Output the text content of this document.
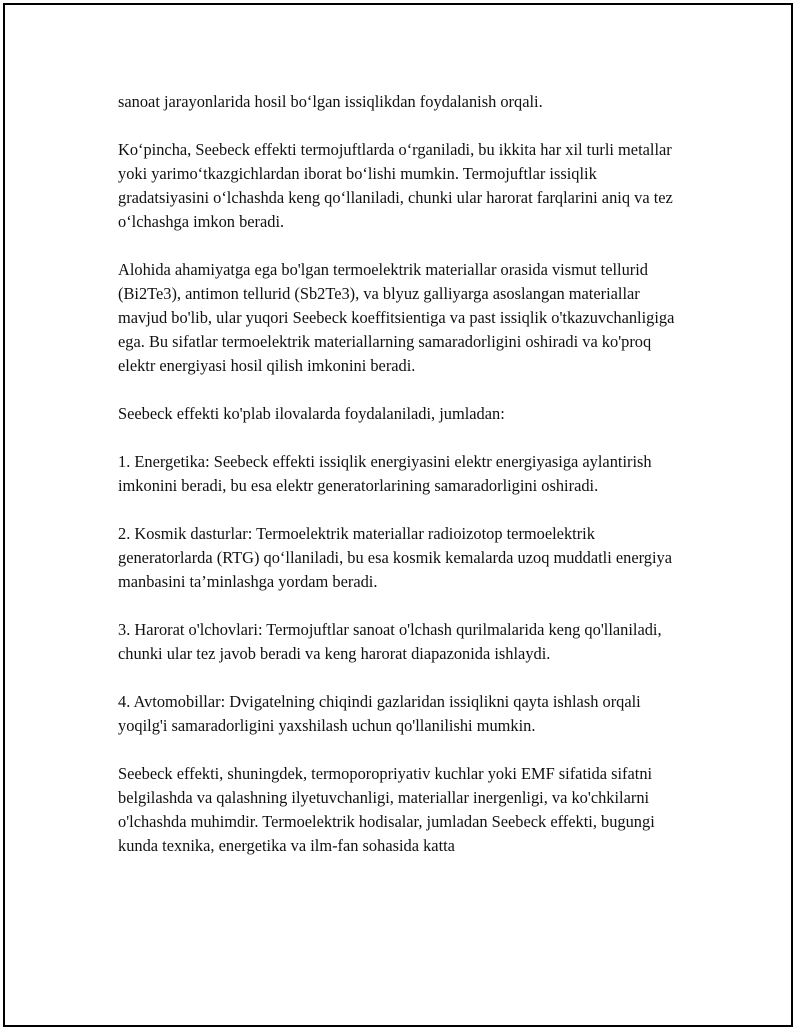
sanoat jarayonlarida hosil bo‘lgan issiqlikdan foydalanish orqali.

Ko‘pincha, Seebeck effekti termojuftlarda o‘rganiladi, bu ikkita har xil turli metallar yoki yarimo‘tkazgichlardan iborat bo‘lishi mumkin. Termojuftlar issiqlik gradatsiyasini o‘lchashda keng qo‘llaniladi, chunki ular harorat farqlarini aniq va tez o‘lchashga imkon beradi.

Alohida ahamiyatga ega bo'lgan termoelektrik materiallar orasida vismut tellurid (Bi2Te3), antimon tellurid (Sb2Te3), va blyuz galliyarga asoslangan materiallar mavjud bo'lib, ular yuqori Seebeck koeffitsientiga va past issiqlik o'tkazuvchanligiga ega. Bu sifatlar termoelektrik materiallarning samaradorligini oshiradi va ko'proq elektr energiyasi hosil qilish imkonini beradi.

Seebeck effekti ko'plab ilovalarda foydalaniladi, jumladan:

1. Energetika: Seebeck effekti issiqlik energiyasini elektr energiyasiga aylantirish imkonini beradi, bu esa elektr generatorlarining samaradorligini oshiradi.

2. Kosmik dasturlar: Termoelektrik materiallar radioizotop termoelektrik generatorlarda (RTG) qo‘llaniladi, bu esa kosmik kemalarda uzoq muddatli energiya manbasini ta’minlashga yordam beradi.

3. Harorat o'lchovlari: Termojuftlar sanoat o'lchash qurilmalarida keng qo'llaniladi, chunki ular tez javob beradi va keng harorat diapazonida ishlaydi.

4. Avtomobillar: Dvigatelning chiqindi gazlaridan issiqlikni qayta ishlash orqali yoqilg'i samaradorligini yaxshilash uchun qo'llanilishi mumkin.

Seebeck effekti, shuningdek, termoporopriyativ kuchlar yoki EMF sifatida sifatni belgilashda va qalashning ilyetuvchanligi, materiallar inergenligi, va ko'chkilarni o'lchashda muhimdir. Termoelektrik hodisalar, jumladan Seebeck effekti, bugungi kunda texnika, energetika va ilm-fan sohasida katta
